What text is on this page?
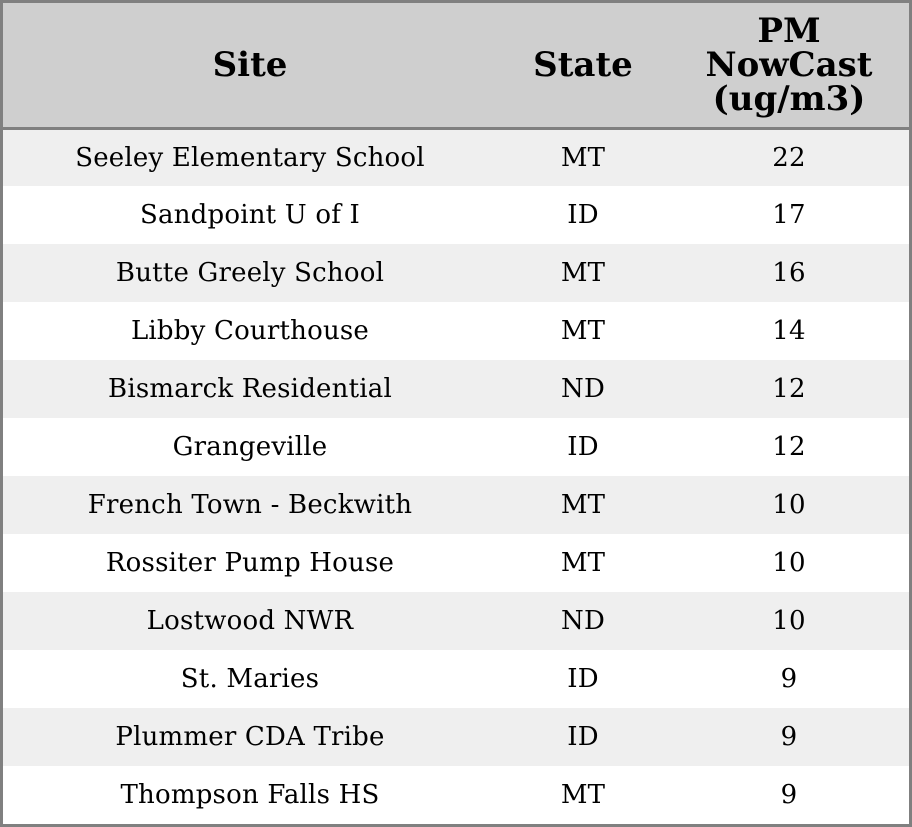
Site	State	PM
NowCast
(ug/m3)
Seeley Elementary School	MT	22
Sandpoint U of I	ID	17
Butte Greely School	MT	16
Libby Courthouse	MT	14
Bismarck Residential	ND	12
Grangeville	ID	12
French Town - Beckwith	MT	10
Rossiter Pump House	MT	10
Lostwood NWR	ND	10
St. Maries	ID	9
Plummer CDA Tribe	ID	9
Thompson Falls HS	MT	9
